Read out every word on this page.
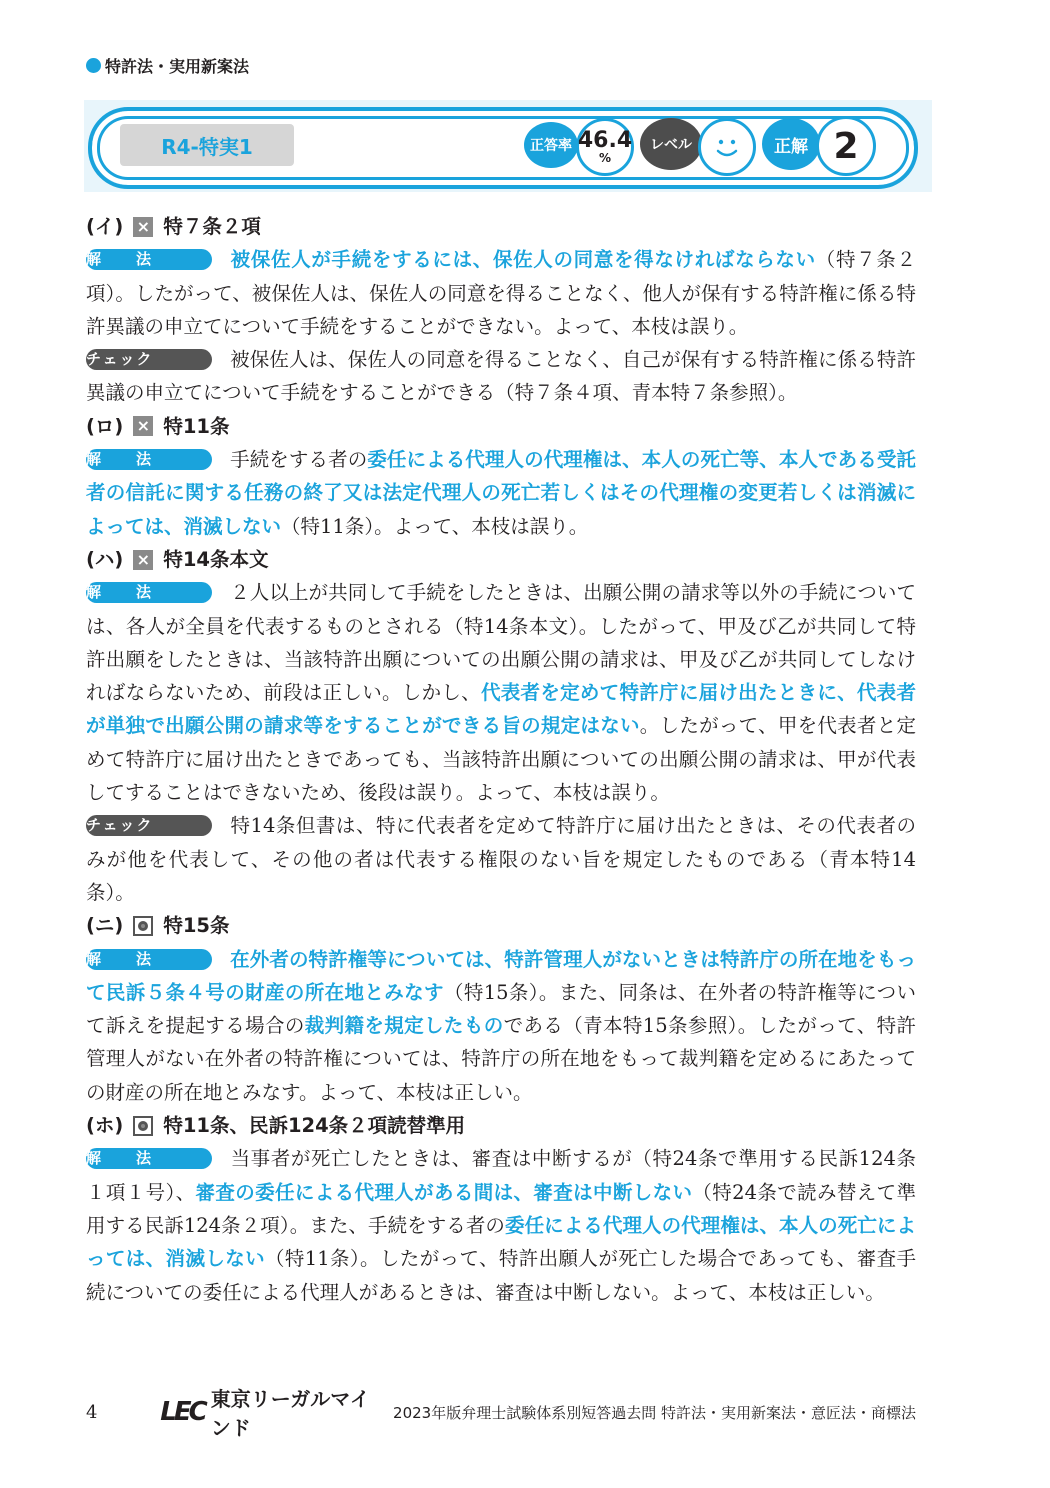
特許法・実用新案法
R4-特実1	正答率 46.4
%
レベル	正解 2
(イ) × 特７条２項

解　法	被保佐人が手続をするには、保佐人の同意を得なければならない（特７条２項）。したがって、被保佐人は、保佐人の同意を得ることなく、他人が保有する特許権に係る特許異議の申立てについて手続をすることができない。よって、本枝は誤り。

チェック	被保佐人は、保佐人の同意を得ることなく、自己が保有する特許権に係る特許異議の申立てについて手続をすることができる（特７条４項、青本特７条参照）。

(ロ) × 特11条

解　法	手続をする者の委任による代理人の代理権は、本人の死亡等、本人である受託者の信託に関する任務の終了又は法定代理人の死亡若しくはその代理権の変更若しくは消滅によっては、消滅しない（特11条）。よって、本枝は誤り。

(ハ) × 特14条本文

解　法	２人以上が共同して手続をしたときは、出願公開の請求等以外の手続については、各人が全員を代表するものとされる（特14条本文）。したがって、甲及び乙が共同して特許出願をしたときは、当該特許出願についての出願公開の請求は、甲及び乙が共同してしなければならないため、前段は正しい。しかし、代表者を定めて特許庁に届け出たときに、代表者が単独で出願公開の請求等をすることができる旨の規定はない。したがって、甲を代表者と定めて特許庁に届け出たときであっても、当該特許出願についての出願公開の請求は、甲が代表してすることはできないため、後段は誤り。よって、本枝は誤り。

チェック	特14条但書は、特に代表者を定めて特許庁に届け出たときは、その代表者のみが他を代表して、その他の者は代表する権限のない旨を規定したものである（青本特14条）。

(ニ) 特15条

解　法	在外者の特許権等については、特許管理人がないときは特許庁の所在地をもって民訴５条４号の財産の所在地とみなす（特15条）。また、同条は、在外者の特許権等について訴えを提起する場合の裁判籍を規定したものである（青本特15条参照）。したがって、特許管理人がない在外者の特許権については、特許庁の所在地をもって裁判籍を定めるにあたっての財産の所在地とみなす。よって、本枝は正しい。

(ホ) 特11条、民訴124条２項読替準用

解　法	当事者が死亡したときは、審査は中断するが（特24条で準用する民訴124条１項１号）、審査の委任による代理人がある間は、審査は中断しない（特24条で読み替えて準用する民訴124条２項）。また、手続をする者の委任による代理人の代理権は、本人の死亡によっては、消滅しない（特11条）。したがって、特許出願人が死亡した場合であっても、審査手続についての委任による代理人があるときは、審査は中断しない。よって、本枝は正しい。

4	LEC 東京リーガルマインド
2023年版弁理士試験体系別短答過去問 特許法・実用新案法・意匠法・商標法
